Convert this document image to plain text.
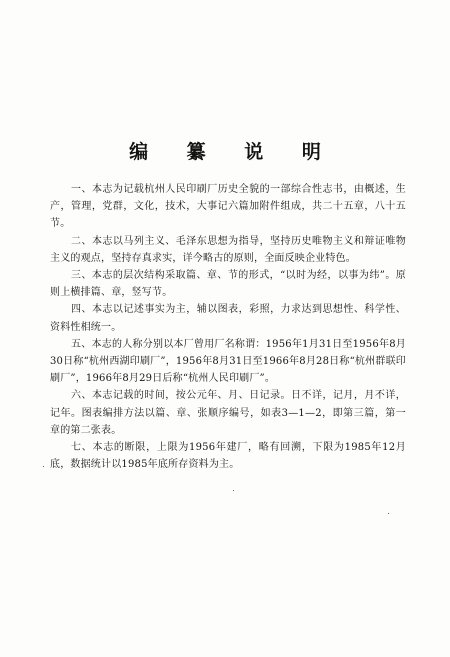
编 纂 说 明

一、本志为记载杭州人民印刷厂历史全貌的一部综合性志书，由概述，生产，管理，党群，文化，技术，大事记六篇加附件组成，共二十五章，八十五节。

二、本志以马列主义、毛泽东思想为指导，坚持历史唯物主义和辩证唯物主义的观点，坚持存真求实，详今略古的原则，全面反映企业特色。

三、本志的层次结构采取篇、章、节的形式，“以时为经，以事为纬”。原则上横排篇、章，竖写节。

四、本志以记述事实为主，辅以图表，彩照，力求达到思想性、科学性、资料性相统一。

五、本志的人称分别以本厂曾用厂名称谓：1956年1月31日至1956年8月30日称“杭州西湖印刷厂”，1956年8月31日至1966年8月28日称“杭州群联印刷厂”，1966年8月29日后称“杭州人民印刷厂”。

六、本志记载的时间，按公元年、月、日记录。日不详，记月，月不详，记年。图表编排方法以篇、章、张顺序编号，如表3—1—2，即第三篇，第一章的第二张表。

七、本志的断限，上限为1956年建厂，略有回溯，下限为1985年12月底，数据统计以1985年底所存资料为主。
